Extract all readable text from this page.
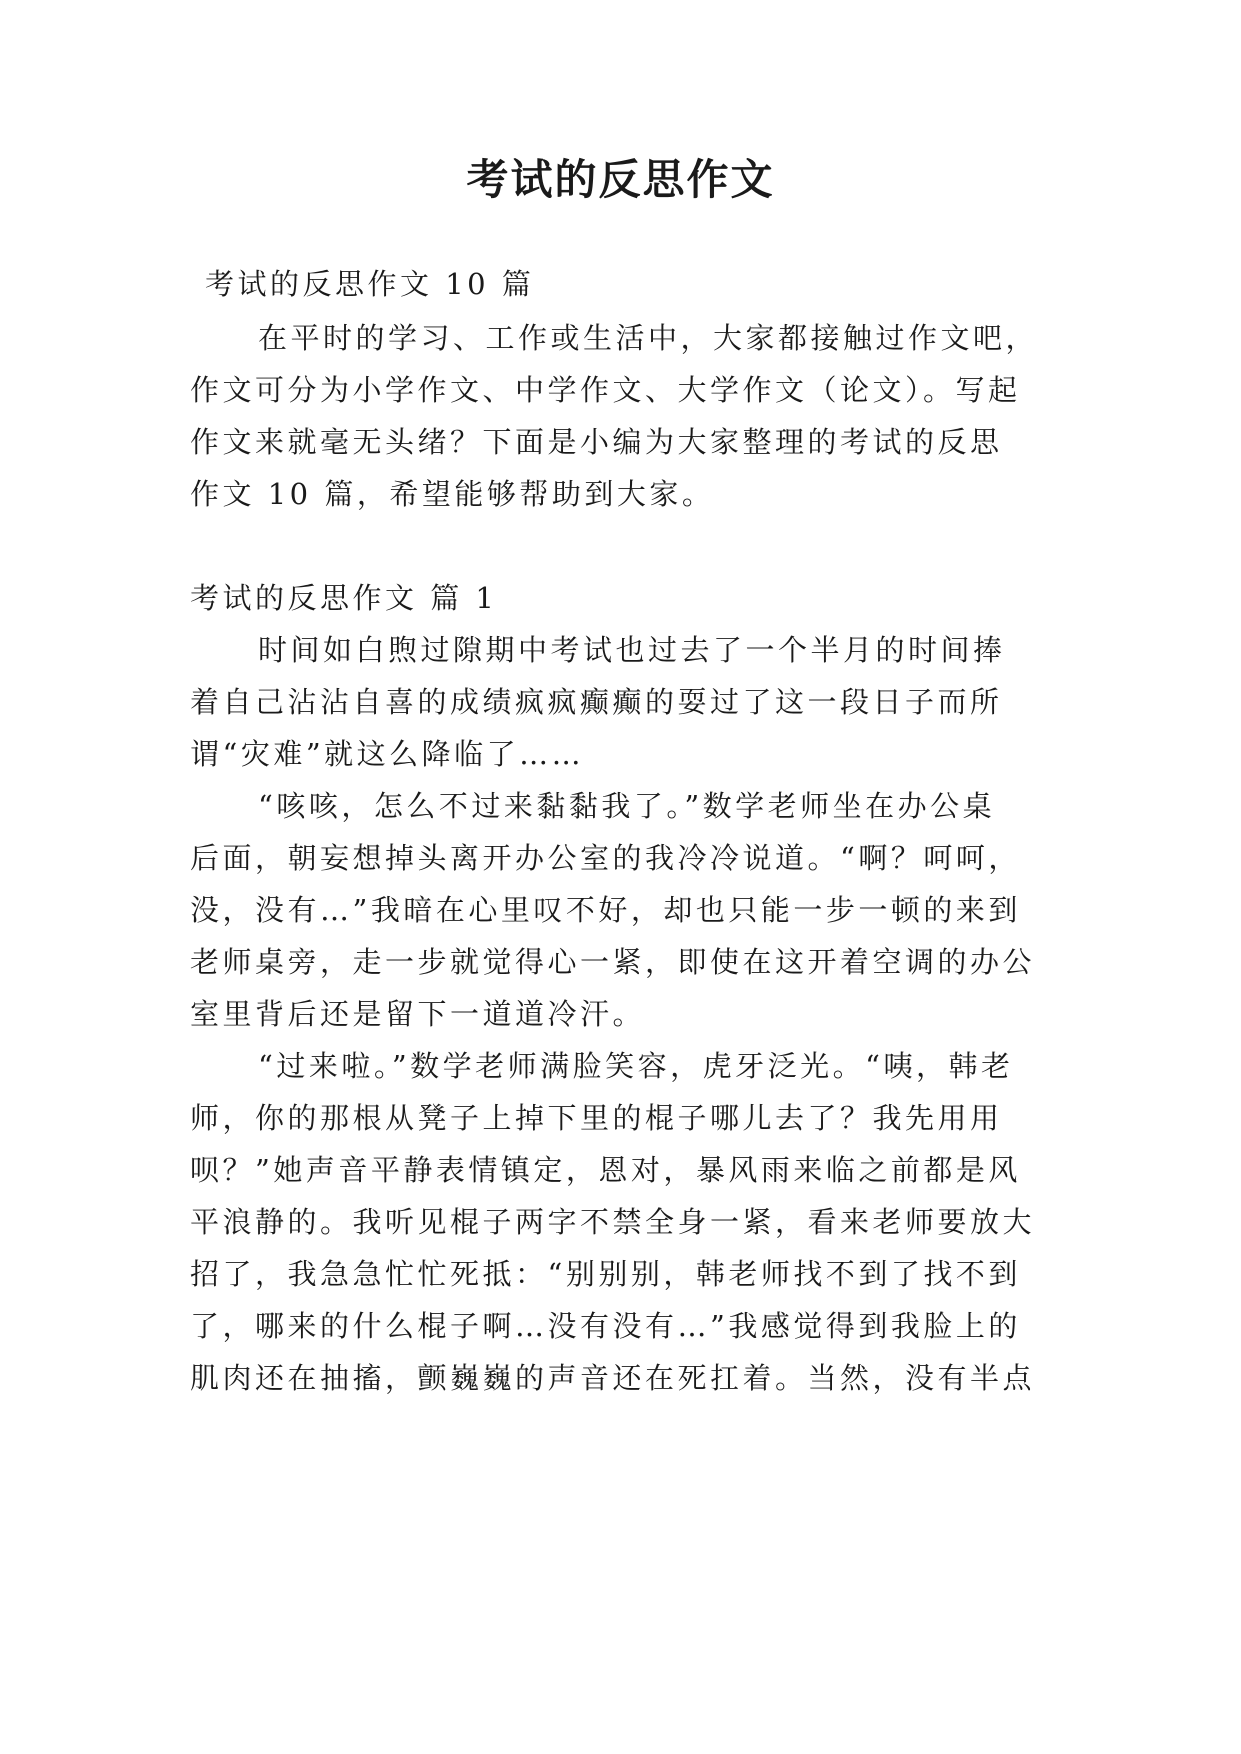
考试的反思作文

考试的反思作文 10 篇

在平时的学习、工作或生活中，大家都接触过作文吧，

作文可分为小学作文、中学作文、大学作文（论文）。写起

作文来就毫无头绪？下面是小编为大家整理的考试的反思

作文 10 篇，希望能够帮助到大家。

考试的反思作文 篇 1

时间如白煦过隙期中考试也过去了一个半月的时间捧

着自己沾沾自喜的成绩疯疯癫癫的耍过了这一段日子而所

谓“灾难”就这么降临了……

“咳咳，怎么不过来黏黏我了。”数学老师坐在办公桌

后面，朝妄想掉头离开办公室的我冷冷说道。“啊？呵呵，

没，没有…”我暗在心里叹不好，却也只能一步一顿的来到

老师桌旁，走一步就觉得心一紧，即使在这开着空调的办公

室里背后还是留下一道道冷汗。

“过来啦。”数学老师满脸笑容，虎牙泛光。“咦，韩老

师，你的那根从凳子上掉下里的棍子哪儿去了？我先用用

呗？”她声音平静表情镇定，恩对，暴风雨来临之前都是风

平浪静的。我听见棍子两字不禁全身一紧，看来老师要放大

招了，我急急忙忙死抵：“别别别，韩老师找不到了找不到

了，哪来的什么棍子啊…没有没有…”我感觉得到我脸上的

肌肉还在抽搐，颤巍巍的声音还在死扛着。当然，没有半点
